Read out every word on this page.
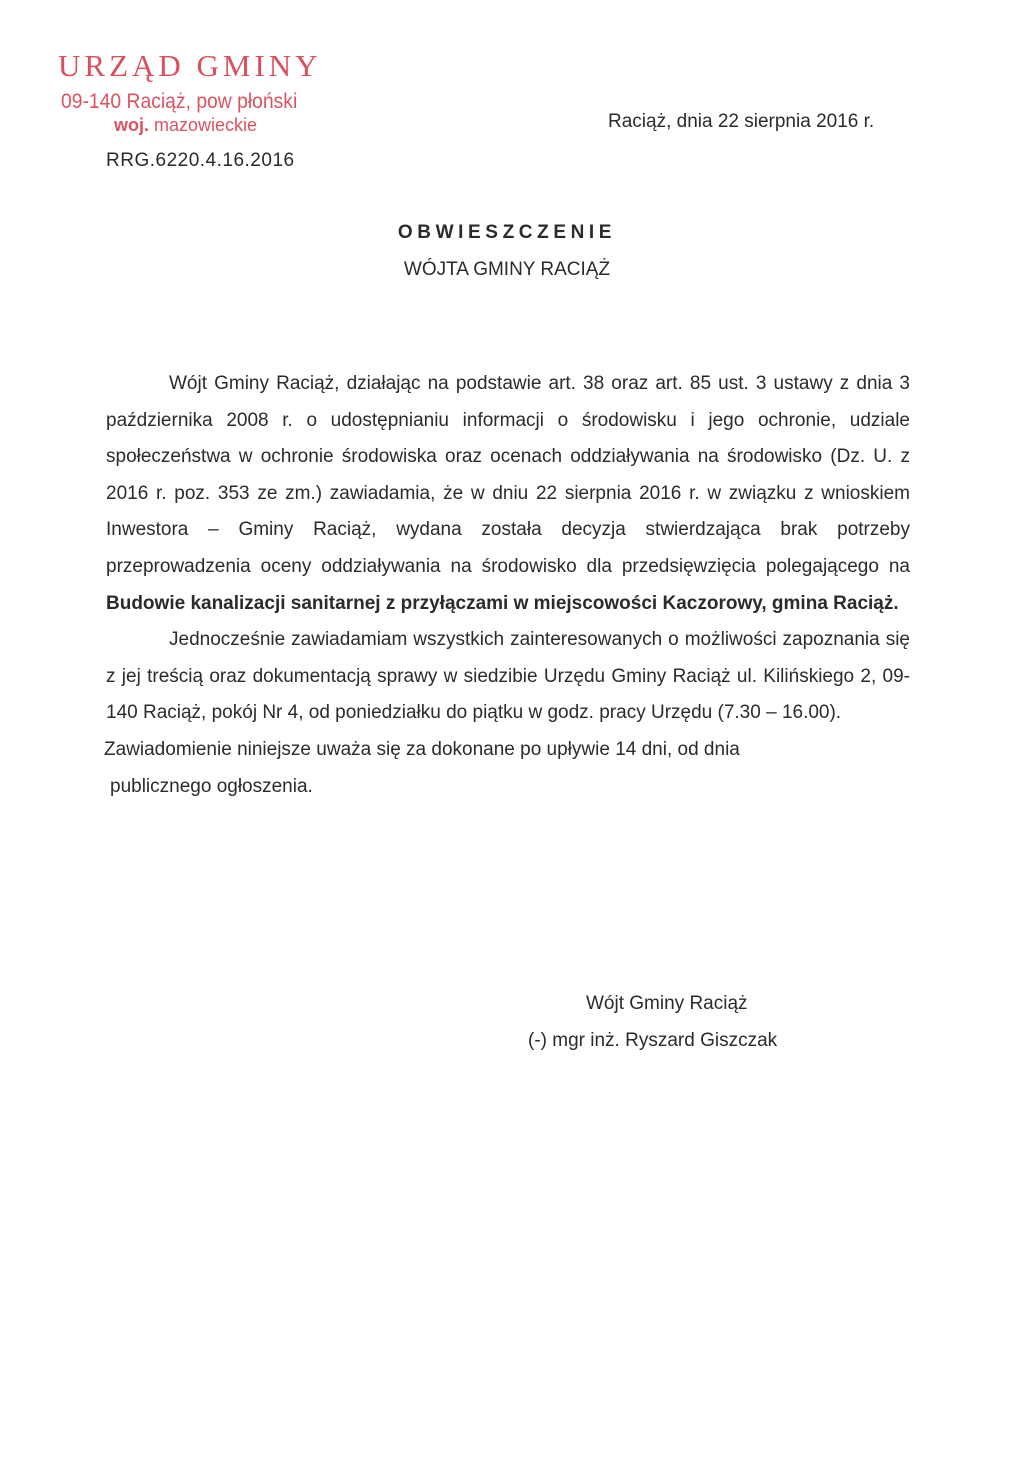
URZĄD GMINY
09-140 Raciąż, pow płoński
woj. mazowieckie
RRG.6220.4.16.2016
Raciąż, dnia 22 sierpnia 2016 r.
OBWIESZCZENIE
WÓJTA GMINY RACIĄŻ

Wójt Gminy Raciąż, działając na podstawie art. 38 oraz art. 85 ust. 3 ustawy z dnia 3 października 2008 r. o udostępnianiu informacji o środowisku i jego ochronie, udziale społeczeństwa w ochronie środowiska oraz ocenach oddziaływania na środowisko (Dz. U. z 2016 r. poz. 353 ze zm.) zawiadamia, że w dniu 22 sierpnia 2016 r. w związku z wnioskiem Inwestora – Gminy Raciąż, wydana została decyzja stwierdzająca brak potrzeby przeprowadzenia oceny oddziaływania na środowisko dla przedsięwzięcia polegającego na Budowie kanalizacji sanitarnej z przyłączami w miejscowości Kaczorowy, gmina Raciąż.

Jednocześnie zawiadamiam wszystkich zainteresowanych o możliwości zapoznania się z jej treścią oraz dokumentacją sprawy w siedzibie Urzędu Gminy Raciąż ul. Kilińskiego 2, 09-140 Raciąż, pokój Nr 4, od poniedziałku do piątku w godz. pracy Urzędu (7.30 – 16.00).

Zawiadomienie niniejsze uważa się za dokonane po upływie 14 dni, od dnia

publicznego ogłoszenia.

Wójt Gminy Raciąż
(-) mgr inż. Ryszard Giszczak
